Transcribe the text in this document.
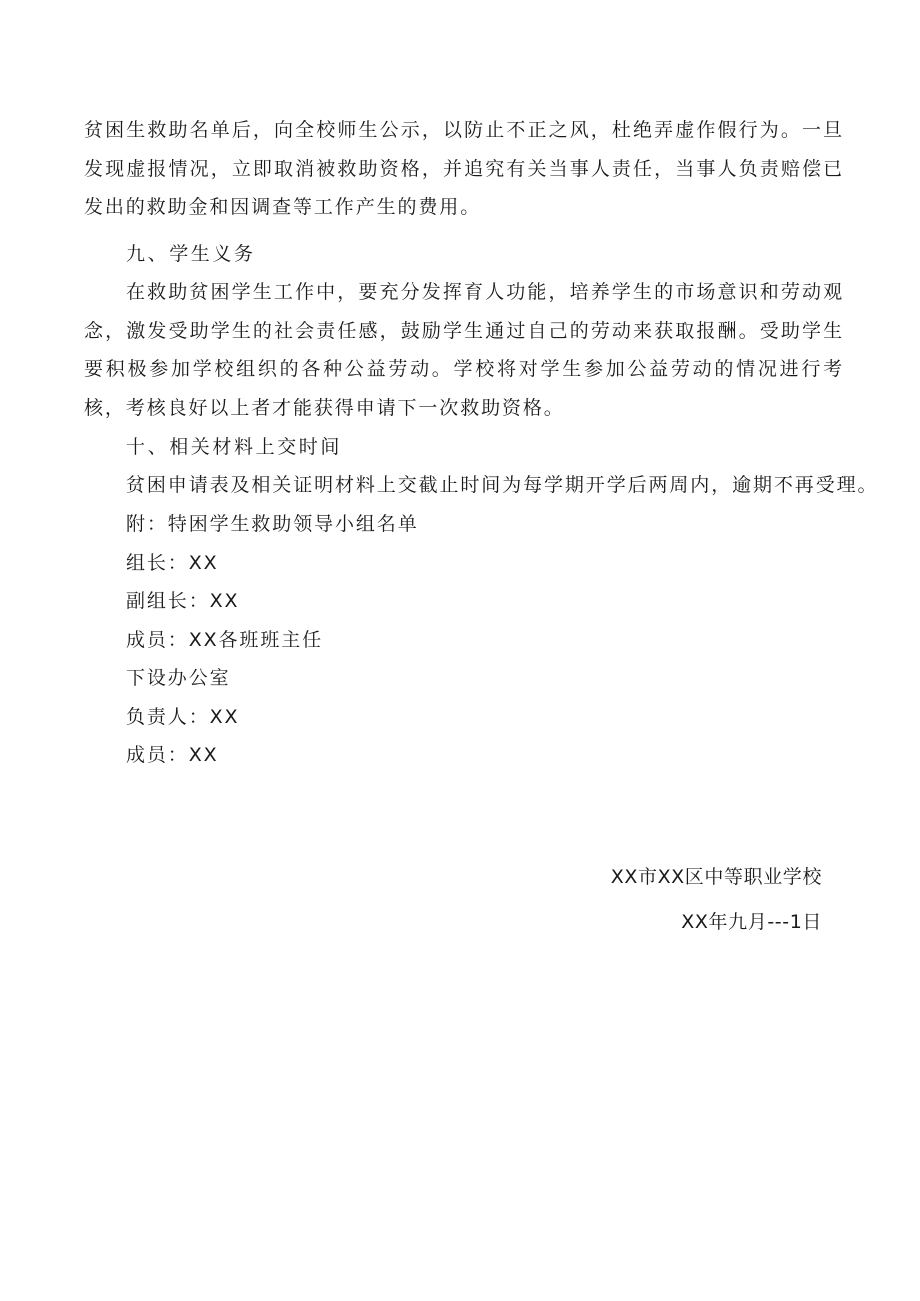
贫困生救助名单后，向全校师生公示，以防止不正之风，杜绝弄虚作假行为。一旦发现虚报情况，立即取消被救助资格，并追究有关当事人责任，当事人负责赔偿已发出的救助金和因调查等工作产生的费用。

九、学生义务

在救助贫困学生工作中，要充分发挥育人功能，培养学生的市场意识和劳动观念，激发受助学生的社会责任感，鼓励学生通过自己的劳动来获取报酬。受助学生要积极参加学校组织的各种公益劳动。学校将对学生参加公益劳动的情况进行考核，考核良好以上者才能获得申请下一次救助资格。

十、相关材料上交时间

贫困申请表及相关证明材料上交截止时间为每学期开学后两周内，逾期不再受理。

附：特困学生救助领导小组名单

组长：XX

副组长：XX

成员：XX各班班主任

下设办公室

负责人：XX

成员：XX

XX市XX区中等职业学校

XX年九月---1日
